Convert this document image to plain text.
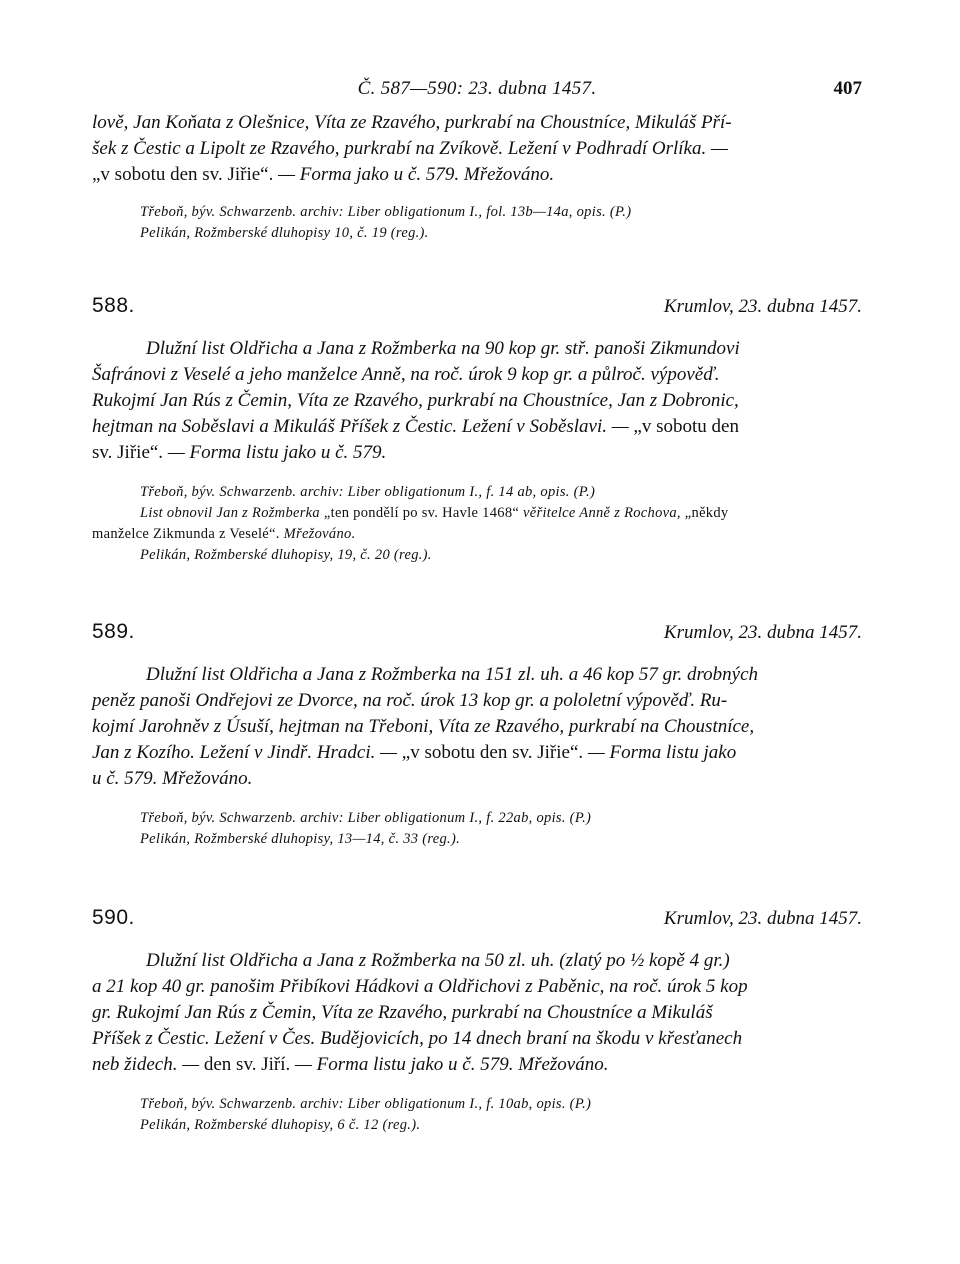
Č. 587—590: 23. dubna 1457.	407

lově, Jan Koňata z Olešnice, Víta ze Rzavého, purkrabí na Choustníce, Mikuláš Pří-

šek z Čestic a Lipolt ze Rzavého, purkrabí na Zvíkově. Ležení v Podhradí Orlíka. —

„v sobotu den sv. Jiřie“. — Forma jako u č. 579. Mřežováno.

Třeboň, býv. Schwarzenb. archiv: Liber obligationum I., fol. 13b—14a, opis. (P.)

Pelikán, Rožmberské dluhopisy 10, č. 19 (reg.).

588.	Krumlov, 23. dubna 1457.

Dlužní list Oldřicha a Jana z Rožmberka na 90 kop gr. stř. panoši Zikmundovi

Šafránovi z Veselé a jeho manželce Anně, na roč. úrok 9 kop gr. a půlroč. výpověď.

Rukojmí Jan Rús z Čemin, Víta ze Rzavého, purkrabí na Choustníce, Jan z Dobronic,

hejtman na Soběslavi a Mikuláš Příšek z Čestic. Ležení v Soběslavi. — „v sobotu den

sv. Jiřie“. — Forma listu jako u č. 579.

Třeboň, býv. Schwarzenb. archiv: Liber obligationum I., f. 14 ab, opis. (P.)

List obnovil Jan z Rožmberka „ten pondělí po sv. Havle 1468“ věřitelce Anně z Rochova, „někdy

manželce Zikmunda z Veselé“. Mřežováno.

Pelikán, Rožmberské dluhopisy, 19, č. 20 (reg.).

589.	Krumlov, 23. dubna 1457.

Dlužní list Oldřicha a Jana z Rožmberka na 151 zl. uh. a 46 kop 57 gr. drobných

peněz panoši Ondřejovi ze Dvorce, na roč. úrok 13 kop gr. a pololetní výpověď. Ru-

kojmí Jarohněv z Úsuší, hejtman na Třeboni, Víta ze Rzavého, purkrabí na Choustníce,

Jan z Kozího. Ležení v Jindř. Hradci. — „v sobotu den sv. Jiřie“. — Forma listu jako

u č. 579. Mřežováno.

Třeboň, býv. Schwarzenb. archiv: Liber obligationum I., f. 22ab, opis. (P.)

Pelikán, Rožmberské dluhopisy, 13—14, č. 33 (reg.).

590.	Krumlov, 23. dubna 1457.

Dlužní list Oldřicha a Jana z Rožmberka na 50 zl. uh. (zlatý po ½ kopě 4 gr.)

a 21 kop 40 gr. panošim Přibíkovi Hádkovi a Oldřichovi z Paběnic, na roč. úrok 5 kop

gr. Rukojmí Jan Rús z Čemin, Víta ze Rzavého, purkrabí na Choustníce a Mikuláš

Příšek z Čestic. Ležení v Čes. Budějovicích, po 14 dnech braní na škodu v křesťanech

neb židech. — den sv. Jiří. — Forma listu jako u č. 579. Mřežováno.

Třeboň, býv. Schwarzenb. archiv: Liber obligationum I., f. 10ab, opis. (P.)

Pelikán, Rožmberské dluhopisy, 6 č. 12 (reg.).
